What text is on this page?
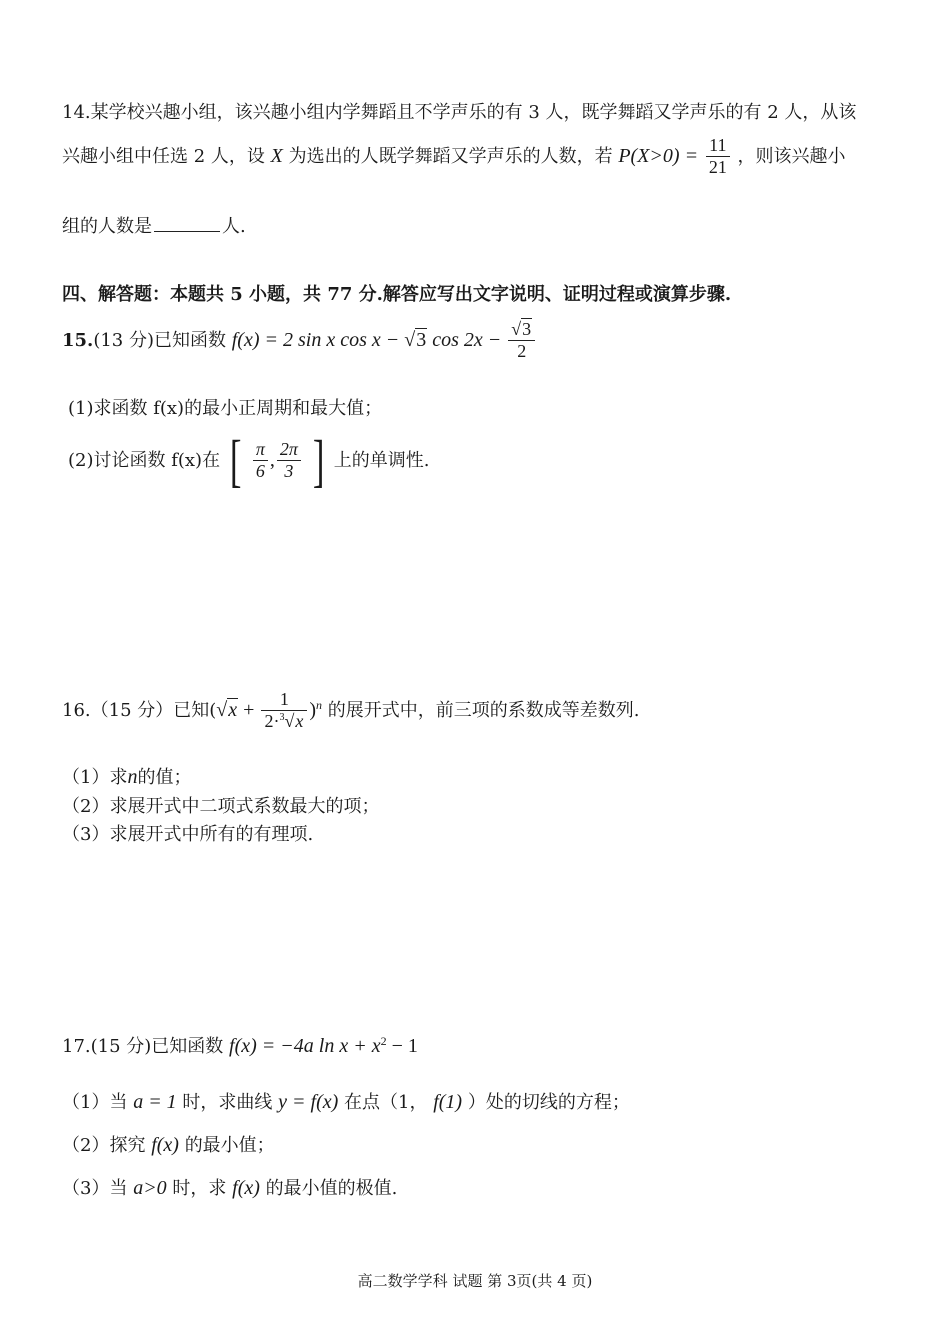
14.某学校兴趣小组，该兴趣小组内学舞蹈且不学声乐的有 3 人，既学舞蹈又学声乐的有 2 人，从该
兴趣小组中任选 2 人，设 X 为选出的人既学舞蹈又学声乐的人数，若 $P(X>0) = \frac{11}{21}$ ，则该兴趣小
组的人数是	人.
四、解答题：本题共 5 小题，共 77 分.解答应写出文字说明、证明过程或演算步骤.
15.(13 分)已知函数 f(x) = 2 sin x cos x − √3 $\cos 2x - \frac{√3}{2}$
(1)求函数 f(x)的最小正周期和最大值；
(2)讨论函数 f(x)在 [ $\frac{\pi}{6}$ , $\frac{2\pi}{3}$ ] 上的单调性.
16.（15 分）已知$(√x + \frac{1}{2\cdot^3√x} )^n$ 的展开式中，前三项的系数成等差数列.
（1）求n的值；
（2）求展开式中二项式系数最大的项；
（3）求展开式中所有的有理项.
17.(15 分)已知函数 f(x) = −4a $\ln x + x^2 - 1$
（1）当 a = 1 时，求曲线 y = f(x) 在点（1， f(1) ）处的切线的方程；
（2）探究 f(x) 的最小值；
（3）当 a>0 时，求 f(x) 的最小值的极值.
高二数学学科 试题 第 3页(共 4 页)
